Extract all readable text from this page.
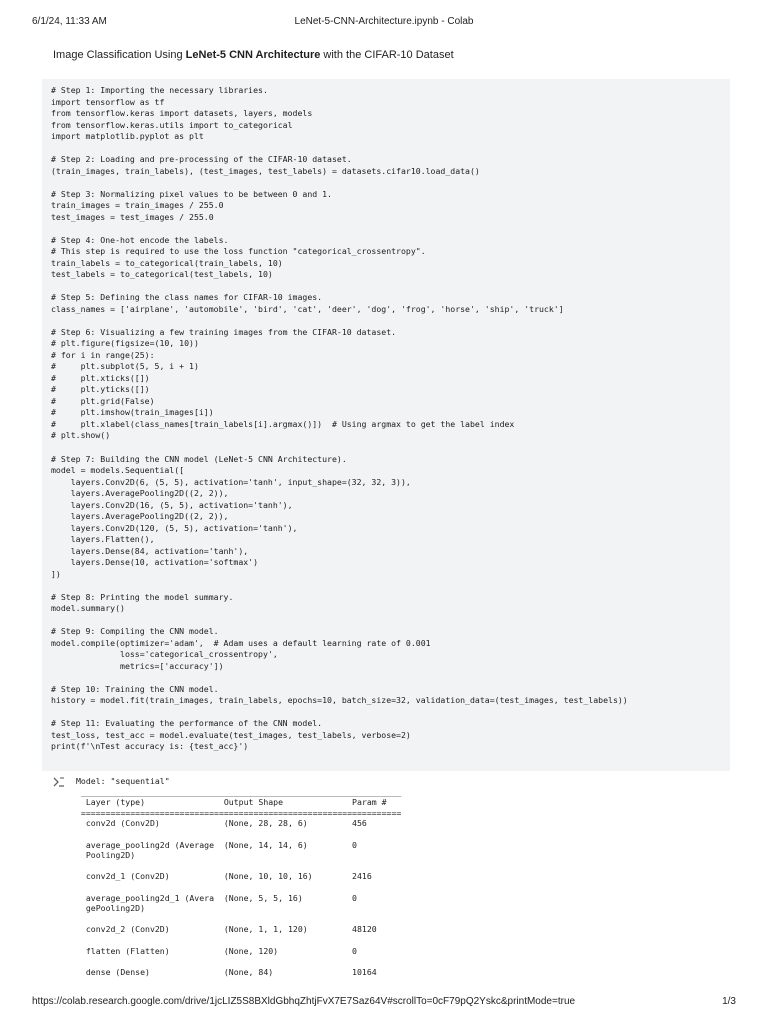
6/1/24, 11:33 AM	LeNet-5-CNN-Architecture.ipynb - Colab
Image Classification Using LeNet-5 CNN Architecture with the CIFAR-10 Dataset
# Step 1: Importing the necessary libraries.
import tensorflow as tf
from tensorflow.keras import datasets, layers, models
from tensorflow.keras.utils import to_categorical
import matplotlib.pyplot as plt

# Step 2: Loading and pre-processing of the CIFAR-10 dataset.
(train_images, train_labels), (test_images, test_labels) = datasets.cifar10.load_data()

# Step 3: Normalizing pixel values to be between 0 and 1.
train_images = train_images / 255.0
test_images = test_images / 255.0

# Step 4: One-hot encode the labels.
# This step is required to use the loss function "categorical_crossentropy".
train_labels = to_categorical(train_labels, 10)
test_labels = to_categorical(test_labels, 10)

# Step 5: Defining the class names for CIFAR-10 images.
class_names = ['airplane', 'automobile', 'bird', 'cat', 'deer', 'dog', 'frog', 'horse', 'ship', 'truck']

# Step 6: Visualizing a few training images from the CIFAR-10 dataset.
# plt.figure(figsize=(10, 10))
# for i in range(25):
#     plt.subplot(5, 5, i + 1)
#     plt.xticks([])
#     plt.yticks([])
#     plt.grid(False)
#     plt.imshow(train_images[i])
#     plt.xlabel(class_names[train_labels[i].argmax()])  # Using argmax to get the label index
# plt.show()

# Step 7: Building the CNN model (LeNet-5 CNN Architecture).
model = models.Sequential([
layers.Conv2D(6, (5, 5), activation='tanh', input_shape=(32, 32, 3)),
layers.AveragePooling2D((2, 2)),
layers.Conv2D(16, (5, 5), activation='tanh'),
layers.AveragePooling2D((2, 2)),
layers.Conv2D(120, (5, 5), activation='tanh'),
layers.Flatten(),
layers.Dense(84, activation='tanh'),
layers.Dense(10, activation='softmax')
])

# Step 8: Printing the model summary.
model.summary()

# Step 9: Compiling the CNN model.
model.compile(optimizer='adam',  # Adam uses a default learning rate of 0.001
loss='categorical_crossentropy',
metrics=['accuracy'])

# Step 10: Training the CNN model.
history = model.fit(train_images, train_labels, epochs=10, batch_size=32, validation_data=(test_images, test_labels))

# Step 11: Evaluating the performance of the CNN model.
test_loss, test_acc = model.evaluate(test_images, test_labels, verbose=2)
print(f'\nTest accuracy is: {test_acc}')
Model: "sequential"
_________________________________________________________________
Layer (type)                Output Shape              Param #
=================================================================
conv2d (Conv2D)             (None, 28, 28, 6)         456

average_pooling2d (Average  (None, 14, 14, 6)         0
Pooling2D)

conv2d_1 (Conv2D)           (None, 10, 10, 16)        2416

average_pooling2d_1 (Avera  (None, 5, 5, 16)          0
gePooling2D)

conv2d_2 (Conv2D)           (None, 1, 1, 120)         48120

flatten (Flatten)           (None, 120)               0

dense (Dense)               (None, 84)                10164
https://colab.research.google.com/drive/1jcLIZ5S8BXldGbhqZhtjFvX7E7Saz64V#scrollTo=0cF79pQ2Yskc&printMode=true	1/3
